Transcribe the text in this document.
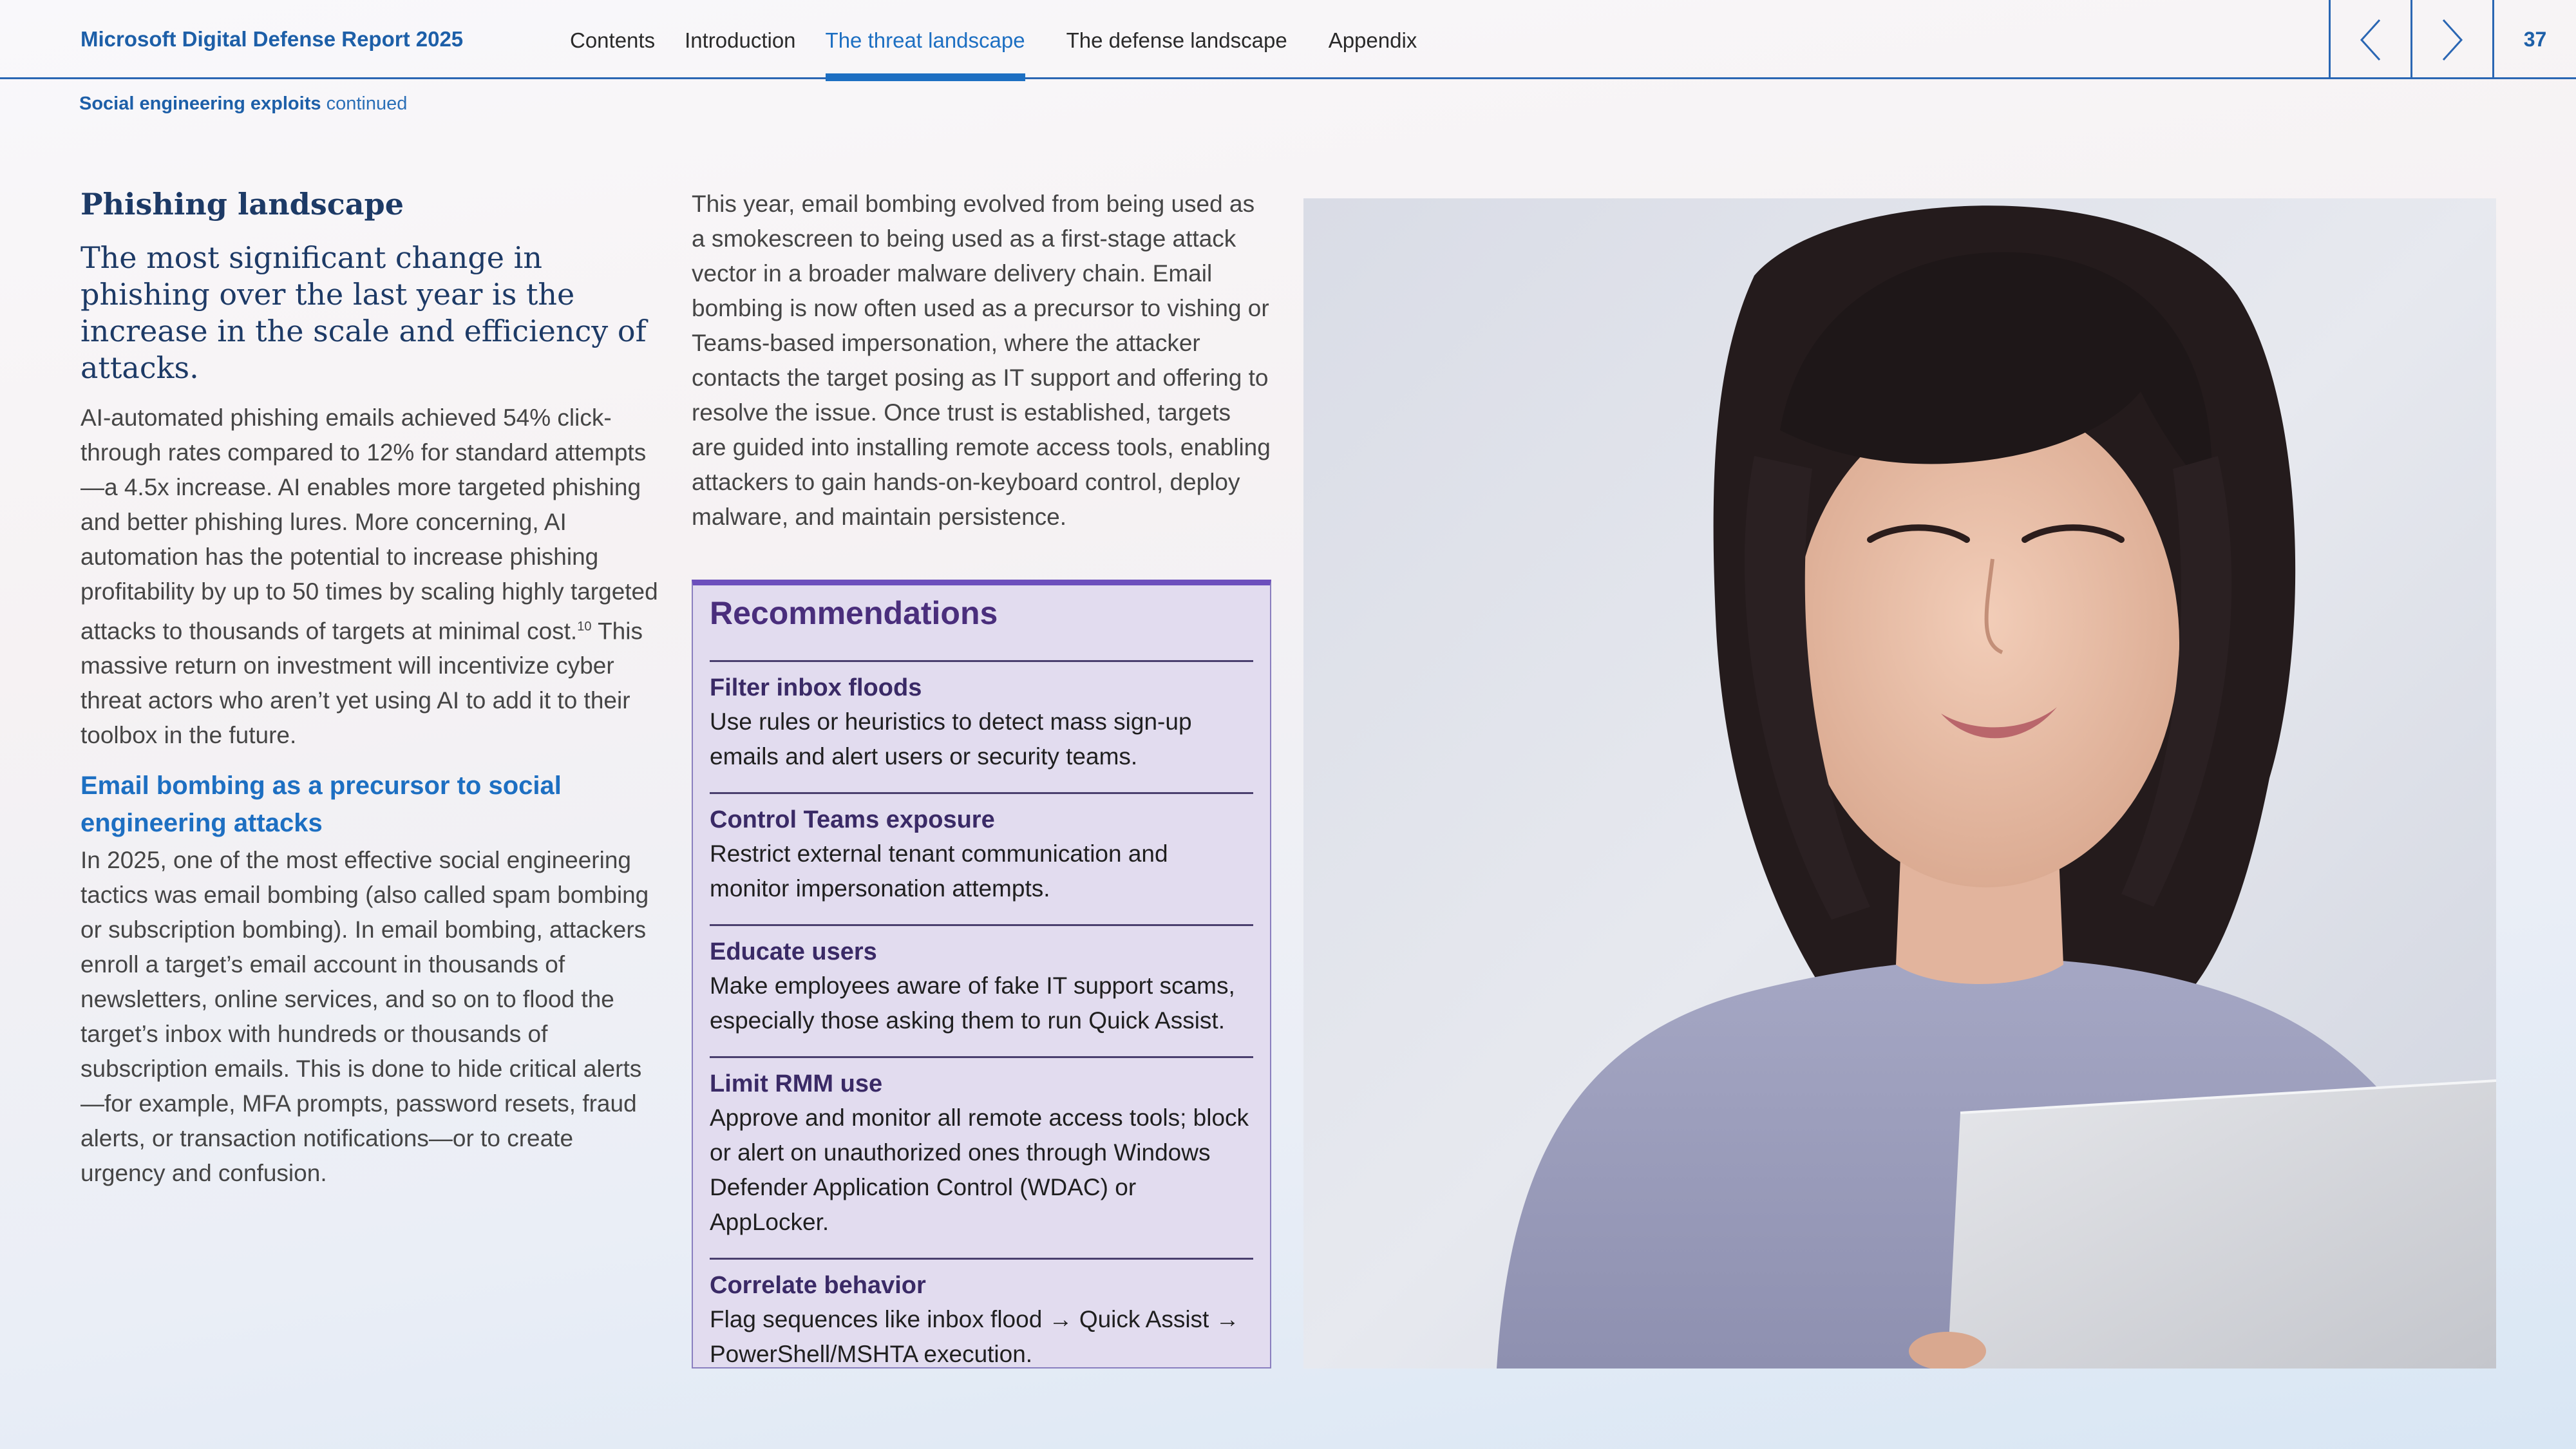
Microsoft Digital Defense Report 2025	Contents Introduction The threat landscape The defense landscape Appendix	37
Social engineering exploits continued
Phishing landscape
The most significant change in phishing over the last year is the increase in the scale and efficiency of attacks.

AI-automated phishing emails achieved 54% click-through rates compared to 12% for standard attempts—a 4.5x increase. AI enables more targeted phishing and better phishing lures. More concerning, AI automation has the potential to increase phishing profitability by up to 50 times by scaling highly targeted attacks to thousands of targets at minimal cost.$^{10}$ This massive return on investment will incentivize cyber threat actors who aren’t yet using AI to add it to their toolbox in the future.

Email bombing as a precursor to social engineering attacks

In 2025, one of the most effective social engineering tactics was email bombing (also called spam bombing or subscription bombing). In email bombing, attackers enroll a target’s email account in thousands of newsletters, online services, and so on to flood the target’s inbox with hundreds or thousands of subscription emails. This is done to hide critical alerts—for example, MFA prompts, password resets, fraud alerts, or transaction notifications—or to create urgency and confusion.

This year, email bombing evolved from being used as a smokescreen to being used as a first-stage attack vector in a broader malware delivery chain. Email bombing is now often used as a precursor to vishing or Teams-based impersonation, where the attacker contacts the target posing as IT support and offering to resolve the issue. Once trust is established, targets are guided into installing remote access tools, enabling attackers to gain hands-on-keyboard control, deploy malware, and maintain persistence.

Recommendations
Filter inbox floods
Use rules or heuristics to detect mass sign-up emails and alert users or security teams.
Control Teams exposure
Restrict external tenant communication and monitor impersonation attempts.
Educate users
Make employees aware of fake IT support scams, especially those asking them to run Quick Assist.
Limit RMM use
Approve and monitor all remote access tools; block or alert on unauthorized ones through Windows Defender Application Control (WDAC) or AppLocker.
Correlate behavior
Flag sequences like inbox flood → Quick Assist → PowerShell/MSHTA execution.
